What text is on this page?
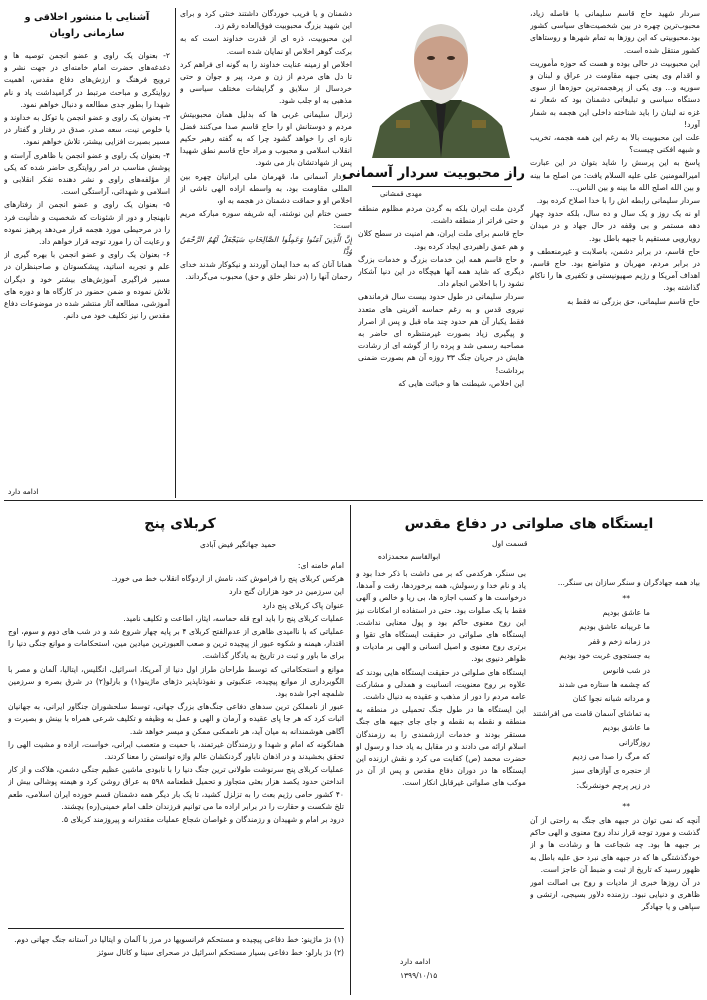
سردار شهید حاج قاسم سلیمانی با فاصله زیاد، محبوب‌ترین چهره در بین شخصیت‌های سیاسی کشور بود.محبوبیتی که این روزها به تمام شهرها و روستاهای کشور منتقل شده است.

این محبوبیت در حالی بوده و هست که حوزه مأموریت و اقدام وی یعنی جبهه مقاومت در عراق و لبنان و سوریه و... وی یکی از پرهجمه‌ترین حوزه‌ها از سوی دستگاه سیاسی و تبلیغاتی دشمنان بود که شعار نه غزه نه لبنان را باید شناخته داخلی این هجمه به شمار آورد!

علت این محبوبیت بالا به رغم این همه هجمه، تخریب و شبهه افکنی چیست؟

پاسخ به این پرسش را شاید بتوان در این عبارت امیرالمومنین علی علیه السلام یافت: من اصلح ما بینه و بین الله اصلح الله ما بینه و بین الناس...

سردار سلیمانی رابطه اش را با خدا اصلاح کرده بود.

او نه یک روز و یک سال و ده سال، بلکه حدود چهار دهه مستمر و بی وقفه در حال جهاد و در میدان رویارویی مستقیم با جبهه باطل بود.

حاج قاسم، در برابر دشمن، باصلابت و غیرمنعطف و در برابر مردم، مهربان و متواضع بود. حاج قاسم، اهداف آمریکا و رژیم صهیونیستی و تکفیری ها را ناکام گذاشته بود.

حاج قاسم سلیمانی، حق بزرگی نه فقط به

راز محبوبیت سردار آسمانی
مهدی قمشانی

گردن ملت ایران بلکه به گردن مردم مظلوم منطقه و حتی فراتر از منطقه داشت.

حاج قاسم برای ملت ایران، هم امنیت در سطح کلان و هم عمق راهبردی ایجاد کرده بود.

و حاج قاسم همه این خدمات بزرگ و خدمات بزرگ دیگری که شاید همه آنها هیچگاه در این دنیا آشکار نشود را با اخلاص انجام داد.

سردار سلیمانی در طول حدود بیست سال فرماندهی نیروی قدس و به رغم حماسه آفرینی های متعدد فقط یکبار آن هم حدود چند ماه قبل و پس از اصرار و پیگیری زیاد بصورت غیرمنتظره ای حاضر به مصاحبه رسمی شد و پرده را از گوشه ای از رشادت هایش در جریان جنگ ۳۳ روزه آن هم بصورت ضمنی برداشت!

این اخلاص، شیطنت ها و خباثت هایی که

دشمنان و یا فریب خوردگان داشتند خنثی کرد و برای این شهید بزرگ محبوبیت فوق‌العاده رقم زد.

این محبوبیت، ذره ای از قدرت خداوند است که به برکت گوهر اخلاص او نمایان شده است.

اخلاص او زمینه عنایت خداوند را به گونه ای فراهم کرد تا دل های مردم از زن و مرد، پیر و جوان و حتی خردسال از سلایق و گرایشات مختلف سیاسی و مذهبی به او جلب شود.

ژنرال سلیمانی غربی ها که بدلیل همان محبوبیتش مردم و دوستانش او را حاج قاسم صدا می‌کنند فضل نازه ای را خواهد گشود چرا که به گفته رهبر حکیم انقلاب اسلامی و محبوب و مراد حاج قاسم نطق شهیدا پس از شهادتشان باز می شود.

سردار آسمانی ما، قهرمان ملی ایرانیان چهره بین المللی مقاومت بود، به واسطه اراده الهی ناشی از اخلاص او و حماقت دشمنان در هجمه به او،

حسن ختام این نوشته، آیه شریفه سوره مبارکه مریم است:

إِنَّ الَّذِينَ آمَنُوا وَعَمِلُوا الصَّالِحَاتِ سَيَجْعَلُ لَهُمُ الرَّحْمَنُ وُدًّا

همانا آنان که به خدا ایمان آوردند و نیکوکار شدند خدای رحمان آنها را (در نظر خلق و حق) محبوب می‌گرداند.

آشنایی با منشور اخلاقی و سازمانی راویان

۲- بعنوان یک راوی و عضو انجمن توصیه ها و دغدغه‌های حضرت امام خامنه‌ای در جهت نشر و ترویج فرهنگ و ارزش‌های دفاع مقدس، اهمیت روایتگری و مباحث مرتبط در گرامیداشت یاد و نام شهدا را بطور جدی مطالعه و دنبال خواهم نمود.

۳- بعنوان یک راوی و عضو انجمن با توکل به خداوند و با خلوص نیت، سعه صدر، صدق در رفتار و گفتار در مسیر بصیرت افزایی بیشتر، تلاش خواهم نمود.

۴- بعنوان یک راوی و عضو انجمن با ظاهری آراسته و پوشش مناسب در امر روایتگری حاضر شده که یکی از مؤلفه‌های راوی و نشر دهنده تفکر انقلابی و اسلامی و شهدائی، آراستگی است.

۵- بعنوان یک راوی و عضو انجمن از رفتارهای نابهنجار و دور از شئونات که شخصیت و شأنیت فرد را در مرحیطی مورد هجمه قرار می‌دهد پرهیز نموده و رعایت آن را مورد توجه قرار خواهم داد.

۶- بعنوان یک راوی و عضو انجمن با بهره گیری از علم و تجربه اساتید، پیشکسوتان و صاحبنظران در مسیر فراگیری آموزش‌های بیشتر خود و دیگران تلاش نموده و ضمن حضور در کارگاه ها و دوره های آموزشی، مطالعه آثار منتشر شده در موضوعات دفاع مقدس را نیز تکلیف خود می دانم.

ادامه دارد
ایستگاه های صلواتی در دفاع مقدس
قسمت اول
ابوالقاسم محمدزاده
بیاد همه جهادگران و سنگر سازان بی سنگر...
**
ما عاشق بودیم
ما غریبانه عاشق بودیم
در زمانه زخم و قفر
به جستجوی غربت خود بودیم
در شب فانوس
که چشمه ها ستاره می شدند
و مردانه شبانه نجوا کنان
به تماشای آسمان قامت می افراشتند
ما عاشق بودیم
روزگارانی
که مرگ را صدا می زدیم
از حنجره ی آوازهای سبز
در زیر پرچم خونشرنگ:
**

آنچه که نمی توان در جبهه های جنگ به راحتی از آن گذشت و مورد توجه قرار نداد روح معنوی و الهی حاکم بر جبهه ها بود. چه شجاعت ها و رشادت ها و از خودگذشتگی ها که در جبهه های نبرد حق علیه باطل به ظهور رسید که تاریخ از ثبت و ضبط آن عاجز است.

در آن روزها خبری از ماديات و روح بی اصالت امور ظاهری و دنیایی نبود. رزمنده دلاور بسیجی، ارتشی و سپاهی و یا جهادگر

بی سنگر، هرکدمی که بر می داشت با ذکر خدا بود و یاد و نام خدا و رسولش، همه برخوردها، رفت و آمدها، درخواست ها و کسب اجازه ها، بی ریا و خالص و آلهی فقط با یک صلوات بود. حتی در استفاده از امکانات نیز این روح معنوی حاکم بود و پول معنایی نداشت. ایستگاه های صلواتی در حقیقت ایستگاه های تقوا و برتری روح معنوی و اصیل انسانی و الهی بر مادیات و ظواهر دنیوی بود.

ایستگاه های صلواتی در حقیقت ایستگاه هایی بودند که علاوه بر روح معنویت، انسانیت و همدلی و مشارکت عامه مردم را دور از مذهب و عقیده به دنبال داشت.

این ایستگاه ها در طول جنگ تحمیلی در منطقه به منطقه و نقطه به نقطه و جای جای جبهه های جنگ مستقر بودند و خدمات ارزشمندی را به رزمندگان اسلام ارائه می دادند و در مقابل به یاد خدا و رسول او حضرت محمد (ص) کفایت می کرد و نقش ارزنده این ایستگاه ها در دوران دفاع مقدس و پس از آن در موکب های صلواتی غیرقابل انکار است.

ادامه دارد
۱۳۹۹/۱۰/۱۵
کربلای پنج
حمید جهانگیر فیض آبادی

امام خامنه ای:

هرکس کربلای پنج را فراموش کند، نامش از اردوگاه انقلاب خط می خورد.

این سرزمین در خود هزاران گنج دارد

عنوان پاک کربلای پنج دارد

عملیات کربلای پنج را باید اوج قله حماسه، ایثار، اطاعت و تکلیف نامید.

عملیاتی که با ناامیدی ظاهری از عدم‌الفتح کربلای ۴ بر پایه چهار شروع شد و در شب های دوم و سوم، اوج اقتدار، هیمنه و شکوه عبور از پیچیده ترین و صعب العبورترین میادین مین، استحکامات و موانع جنگی دنیا را برای ما باور و ثبت در تاریخ به یادگار گذاشت.

موانع و استحکاماتی که توسط طراحان طراز اول دنیا از آمریکا، اسرائیل، انگلیس، ایتالیا، آلمان و مصر با الگوبرداری از موانع پیچیده، عنکبوتی و نفوذناپذیر دژهای ماژینو(۱) و بارلو(۲) در شرق بصره و سرزمین شلمچه اجرا شده بود.

عبور از نامملکن ترین سدهای دفاعی جنگ‌های بزرگ جهانی، توسط سلحشوران جنگاور ایرانی، به جهانیان اثبات کرد که هر جا پای عقیده و آرمان و الهی و عمل به وظیفه و تکلیف شرعی همراه با بینش و بصیرت و آگاهی هوشمندانه به میان آید، هر ناممکنی ممکن و میسر خواهد شد.

همانگونه که امام و شهدا و رزمندگان غیرتمند، با حمیت و متعصب ایرانی، خواست، اراده و مشیت الهی را تحقق بخشیدند و در اذهان ناباور گردنکشان عالم واژه توانستن را معنا کردند.

عملیات کربلای پنج سرنوشت طولانی ترین جنگ دنیا را با نابودی ماشین عظیم جنگی دشمن، هلاکت و از کار انداختن حدود یکصد هزار بعثی متجاوز و تحمیل قطعنامه ۵۹۸ به عراق روشن کرد و هیمنه پوشالی بیش از ۴۰ کشور حامی رژیم بعث را به تزلزل کشید، تا یک بار دیگر همه دشمنان قسم خورده ایران اسلامی، طعم تلخ شکست و حقارت را در برابر اراده ما می توانیم فرزندان خلف امام خمینی(ره) بچشند.

درود بر امام و شهیدان و رزمندگان و غواصان شجاع عملیات مقتدرانه و پیروزمند کربلای ۵.

(۱) دژ ماژینو: خط دفاعی پیچیده و مستحکم فرانسویها در مرز با آلمان و ایتالیا در آستانه جنگ جهانی دوم.

(۲) دژ بارلو: خط دفاعی بسیار مستحکم اسرائیل در صحرای سینا و کانال سوئز
